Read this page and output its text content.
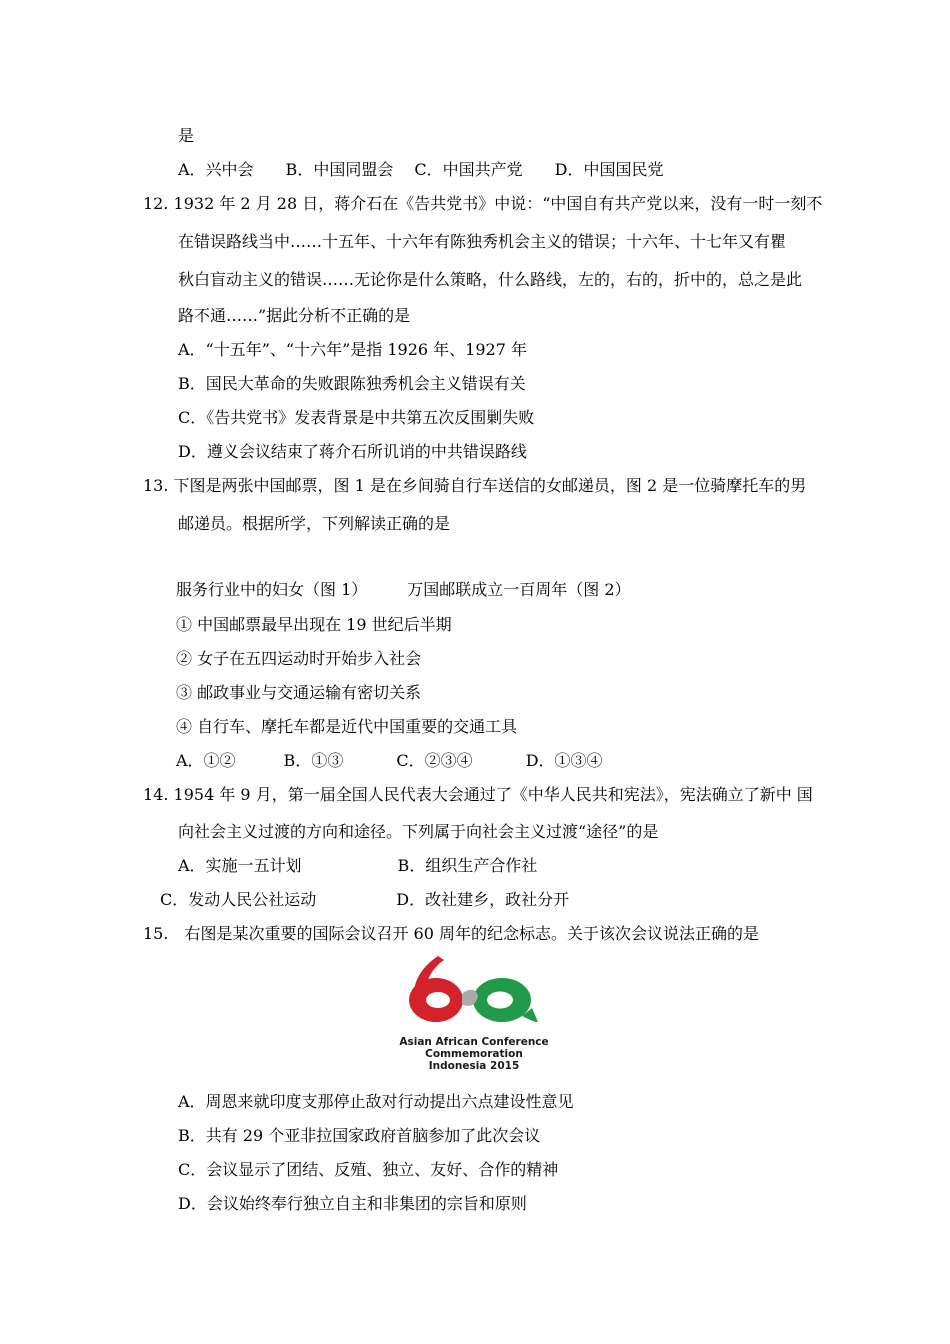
是
A．兴中会　　B．中国同盟会　 C．中国共产党　　D．中国国民党
12. 1932 年 2 月 28 日，蒋介石在《告共党书》中说：“中国自有共产党以来，没有一时一刻不
在错误路线当中……十五年、十六年有陈独秀机会主义的错误；十六年、十七年又有瞿
秋白盲动主义的错误……无论你是什么策略，什么路线，左的，右的，折中的，总之是此
路不通……”据此分析不正确的是
A．“十五年”、“十六年”是指 1926 年、1927 年
B．国民大革命的失败跟陈独秀机会主义错误有关
C．《告共党书》发表背景是中共第五次反围剿失败
D．遵义会议结束了蒋介石所讥诮的中共错误路线
13. 下图是两张中国邮票，图 1 是在乡间骑自行车送信的女邮递员，图 2 是一位骑摩托车的男
邮递员。根据所学，下列解读正确的是
服务行业中的妇女（图 1）　　　万国邮联成立一百周年（图 2）
① 中国邮票最早出现在 19 世纪后半期
② 女子在五四运动时开始步入社会
③ 邮政事业与交通运输有密切关系
④ 自行车、摩托车都是近代中国重要的交通工具
A．①②　　　B．①③　　　 C．②③④　　　 D．①③④
14. 1954 年 9 月，第一届全国人民代表大会通过了《中华人民共和宪法》，宪法确立了新中 国
向社会主义过渡的方向和途径。下列属于向社会主义过渡“途径”的是
A．实施一五计划　　　　　　B．组织生产合作社
C．发动人民公社运动　　　　　D．改社建乡，政社分开
15.　右图是某次重要的国际会议召开 60 周年的纪念标志。关于该次会议说法正确的是
Asian African Conference
Commemoration
Indonesia 2015
A．周恩来就印度支那停止敌对行动提出六点建设性意见
B．共有 29 个亚非拉国家政府首脑参加了此次会议
C．会议显示了团结、反殖、独立、友好、合作的精神
D．会议始终奉行独立自主和非集团的宗旨和原则
